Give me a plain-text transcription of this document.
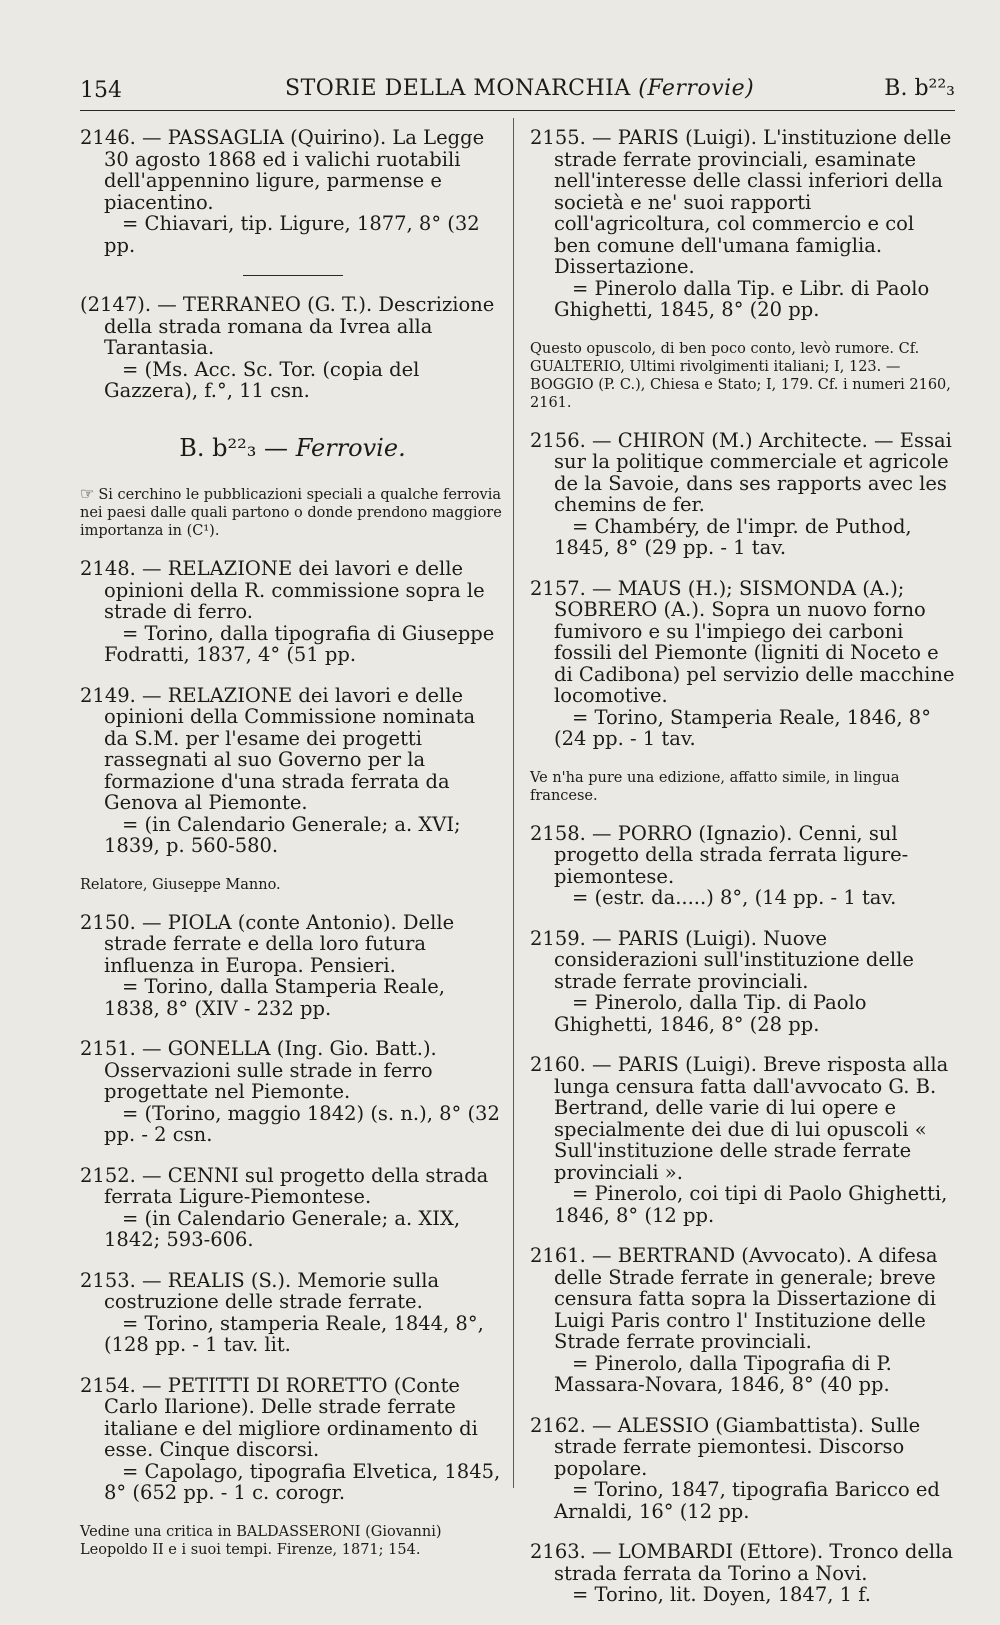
154	STORIE DELLA MONARCHIA (Ferrovie)	B. b²²₃

2146. — PASSAGLIA (Quirino). La Legge 30 agosto 1868 ed i valichi ruotabili dell'appennino ligure, parmense e piacentino.

= Chiavari, tip. Ligure, 1877, 8° (32 pp.

(2147). — TERRANEO (G. T.). Descrizione della strada romana da Ivrea alla Tarantasia.

= (Ms. Acc. Sc. Tor. (copia del Gazzera), f.°, 11 csn.

B. b²²₃ — Ferrovie.

☞ Si cerchino le pubblicazioni speciali a qualche ferrovia nei paesi dalle quali partono o donde prendono maggiore importanza in (C¹).

2148. — RELAZIONE dei lavori e delle opinioni della R. commissione sopra le strade di ferro.

= Torino, dalla tipografia di Giuseppe Fodratti, 1837, 4° (51 pp.

2149. — RELAZIONE dei lavori e delle opinioni della Commissione nominata da S.M. per l'esame dei progetti rassegnati al suo Governo per la formazione d'una strada ferrata da Genova al Piemonte.

= (in Calendario Generale; a. XVI; 1839, p. 560-580.

Relatore, Giuseppe Manno.

2150. — PIOLA (conte Antonio). Delle strade ferrate e della loro futura influenza in Europa. Pensieri.

= Torino, dalla Stamperia Reale, 1838, 8° (XIV - 232 pp.

2151. — GONELLA (Ing. Gio. Batt.). Osservazioni sulle strade in ferro progettate nel Piemonte.

= (Torino, maggio 1842) (s. n.), 8° (32 pp. - 2 csn.

2152. — CENNI sul progetto della strada ferrata Ligure-Piemontese.

= (in Calendario Generale; a. XIX, 1842; 593-606.

2153. — REALIS (S.). Memorie sulla costruzione delle strade ferrate.

= Torino, stamperia Reale, 1844, 8°, (128 pp. - 1 tav. lit.

2154. — PETITTI DI RORETTO (Conte Carlo Ilarione). Delle strade ferrate italiane e del migliore ordinamento di esse. Cinque discorsi.

= Capolago, tipografia Elvetica, 1845, 8° (652 pp. - 1 c. corogr.

Vedine una critica in BALDASSERONI (Giovanni) Leopoldo II e i suoi tempi. Firenze, 1871; 154.

2155. — PARIS (Luigi). L'instituzione delle strade ferrate provinciali, esaminate nell'interesse delle classi inferiori della società e ne' suoi rapporti coll'agricoltura, col commercio e col ben comune dell'umana famiglia. Dissertazione.

= Pinerolo dalla Tip. e Libr. di Paolo Ghighetti, 1845, 8° (20 pp.

Questo opuscolo, di ben poco conto, levò rumore. Cf. GUALTERIO, Ultimi rivolgimenti italiani; I, 123. — BOGGIO (P. C.), Chiesa e Stato; I, 179. Cf. i numeri 2160, 2161.

2156. — CHIRON (M.) Architecte. — Essai sur la politique commerciale et agricole de la Savoie, dans ses rapports avec les chemins de fer.

= Chambéry, de l'impr. de Puthod, 1845, 8° (29 pp. - 1 tav.

2157. — MAUS (H.); SISMONDA (A.); SOBRERO (A.). Sopra un nuovo forno fumivoro e su l'impiego dei carboni fossili del Piemonte (ligniti di Noceto e di Cadibona) pel servizio delle macchine locomotive.

= Torino, Stamperia Reale, 1846, 8° (24 pp. - 1 tav.

Ve n'ha pure una edizione, affatto simile, in lingua francese.

2158. — PORRO (Ignazio). Cenni, sul progetto della strada ferrata ligure-piemontese.

= (estr. da.....) 8°, (14 pp. - 1 tav.

2159. — PARIS (Luigi). Nuove considerazioni sull'instituzione delle strade ferrate provinciali.

= Pinerolo, dalla Tip. di Paolo Ghighetti, 1846, 8° (28 pp.

2160. — PARIS (Luigi). Breve risposta alla lunga censura fatta dall'avvocato G. B. Bertrand, delle varie di lui opere e specialmente dei due di lui opuscoli « Sull'instituzione delle strade ferrate provinciali ».

= Pinerolo, coi tipi di Paolo Ghighetti, 1846, 8° (12 pp.

2161. — BERTRAND (Avvocato). A difesa delle Strade ferrate in generale; breve censura fatta sopra la Dissertazione di Luigi Paris contro l' Instituzione delle Strade ferrate provinciali.

= Pinerolo, dalla Tipografia di P. Massara-Novara, 1846, 8° (40 pp.

2162. — ALESSIO (Giambattista). Sulle strade ferrate piemontesi. Discorso popolare.

= Torino, 1847, tipografia Baricco ed Arnaldi, 16° (12 pp.

2163. — LOMBARDI (Ettore). Tronco della strada ferrata da Torino a Novi.

= Torino, lit. Doyen, 1847, 1 f.
